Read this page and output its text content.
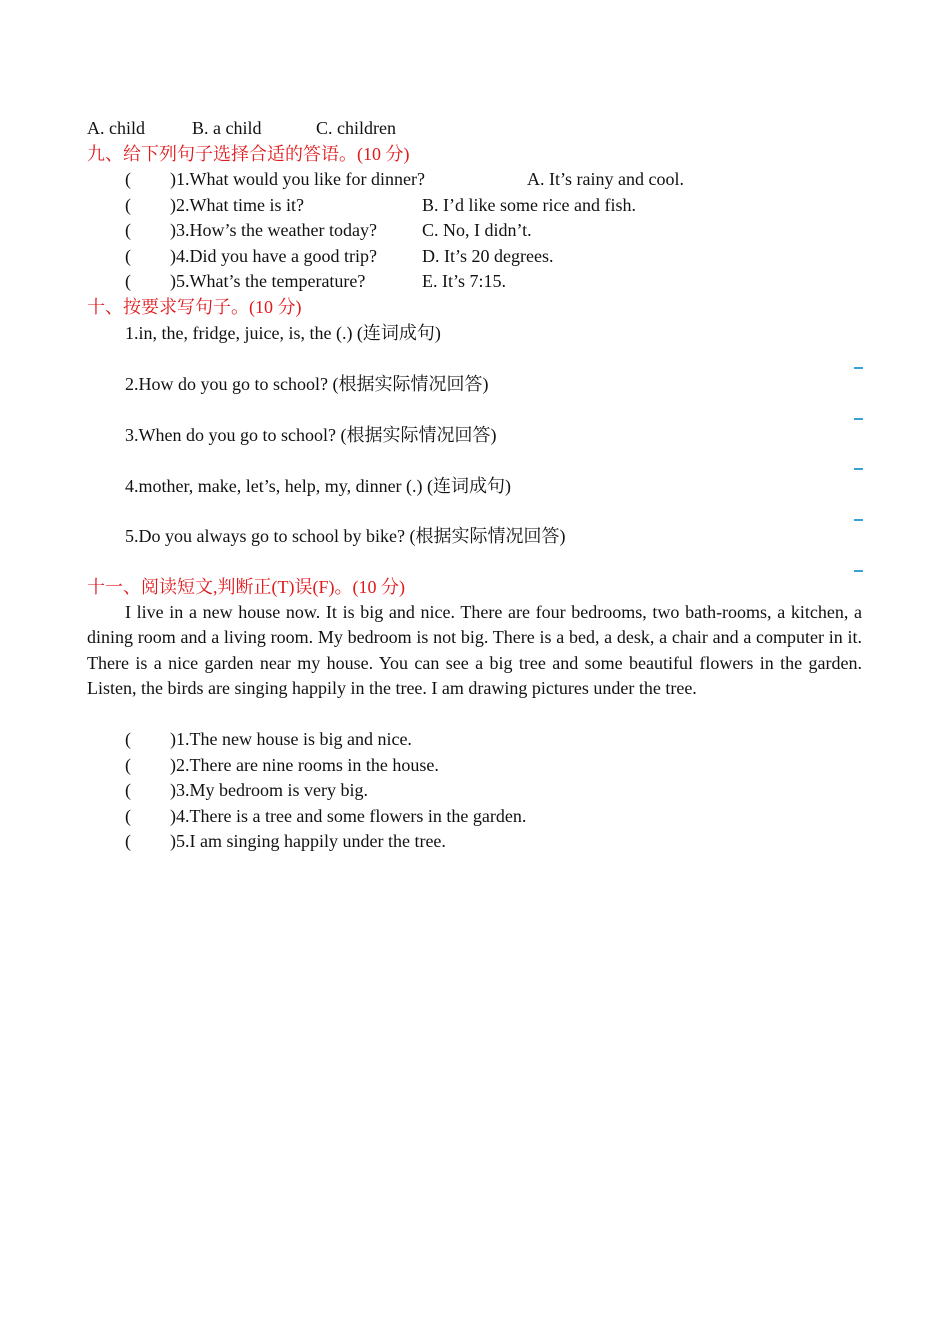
A. child	B. a child	C. children
九、给下列句子选择合适的答语。(10 分)
( )1.What would you like for dinner?	A. It’s rainy and cool.
( )2.What time is it?	B. I’d like some rice and fish.
( )3.How’s the weather today?	C. No, I didn’t.
( )4.Did you have a good trip?	D. It’s 20 degrees.
( )5.What’s the temperature?	E. It’s 7:15.
十、按要求写句子。(10 分)
1.in, the, fridge, juice, is, the (.) (连词成句)
2.How do you go to school? (根据实际情况回答)
3.When do you go to school? (根据实际情况回答)
4.mother, make, let’s, help, my, dinner (.) (连词成句)
5.Do you always go to school by bike? (根据实际情况回答)
十一、阅读短文,判断正(T)误(F)。(10 分)
I live in a new house now. It is big and nice. There are four bedrooms, two bath-rooms, a kitchen, a dining room and a living room. My bedroom is not big. There is a bed, a desk, a chair and a computer in it. There is a nice garden near my house. You can see a big tree and some beautiful flowers in the garden. Listen, the birds are singing happily in the tree. I am drawing pictures under the tree.
( )1.The new house is big and nice.
( )2.There are nine rooms in the house.
( )3.My bedroom is very big.
( )4.There is a tree and some flowers in the garden.
( )5.I am singing happily under the tree.
